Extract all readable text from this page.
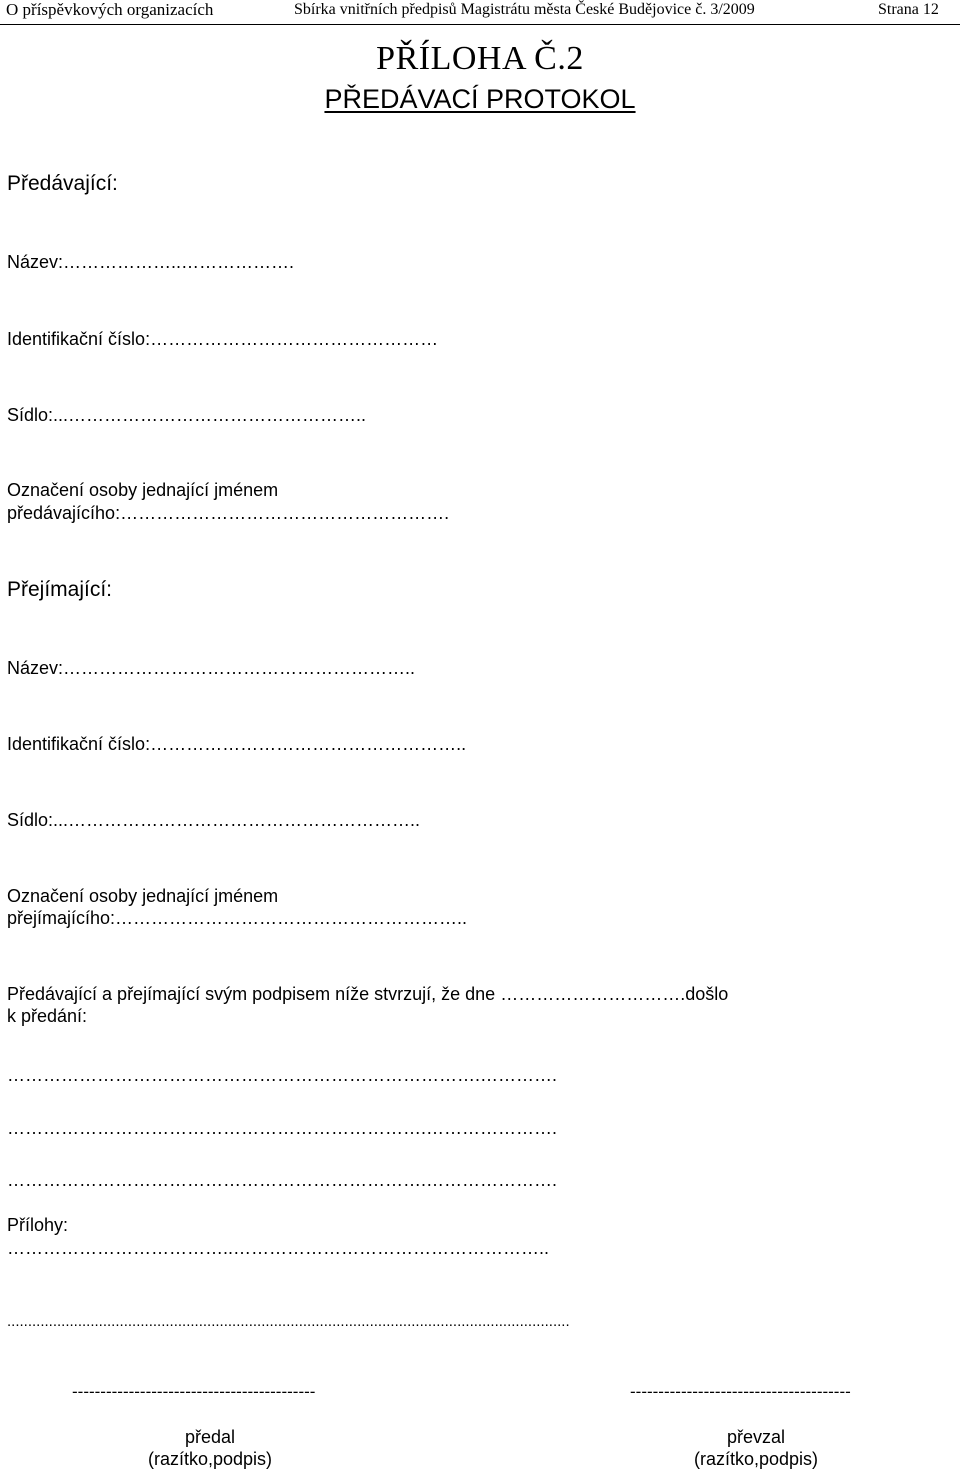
O příspěvkových organizacích	Sbírka vnitřních předpisů Magistrátu města České Budějovice č. 3/2009	Strana 12
PŘÍLOHA Č.2
PŘEDÁVACÍ PROTOKOL
Předávající:
Název:………………..……………….
Identifikační číslo:…………………………………………
Sídlo:...…………………………………………..
Označení osoby jednající jménem
předávajícího:……………………………………………….
Přejímající:
Název:…………………………………………………..
Identifikační číslo:……………………………………………..
Sídlo:...…………………………………………………..
Označení osoby jednající jménem
přejímajícího:…………………………………………………..
Předávající a přejímající svým podpisem níže stvrzují, že dne ………………………….došlo
k předání:
…………………………………………………………………….………….
…………………………………………………………….………………….
…………………………………………………………….………………….
Přílohy:
………………………………..……………………………………………..
.......................................................................................................................................
-------------------------------------------	---------------------------------------
předal
(razítko,podpis)
převzal
(razítko,podpis)
